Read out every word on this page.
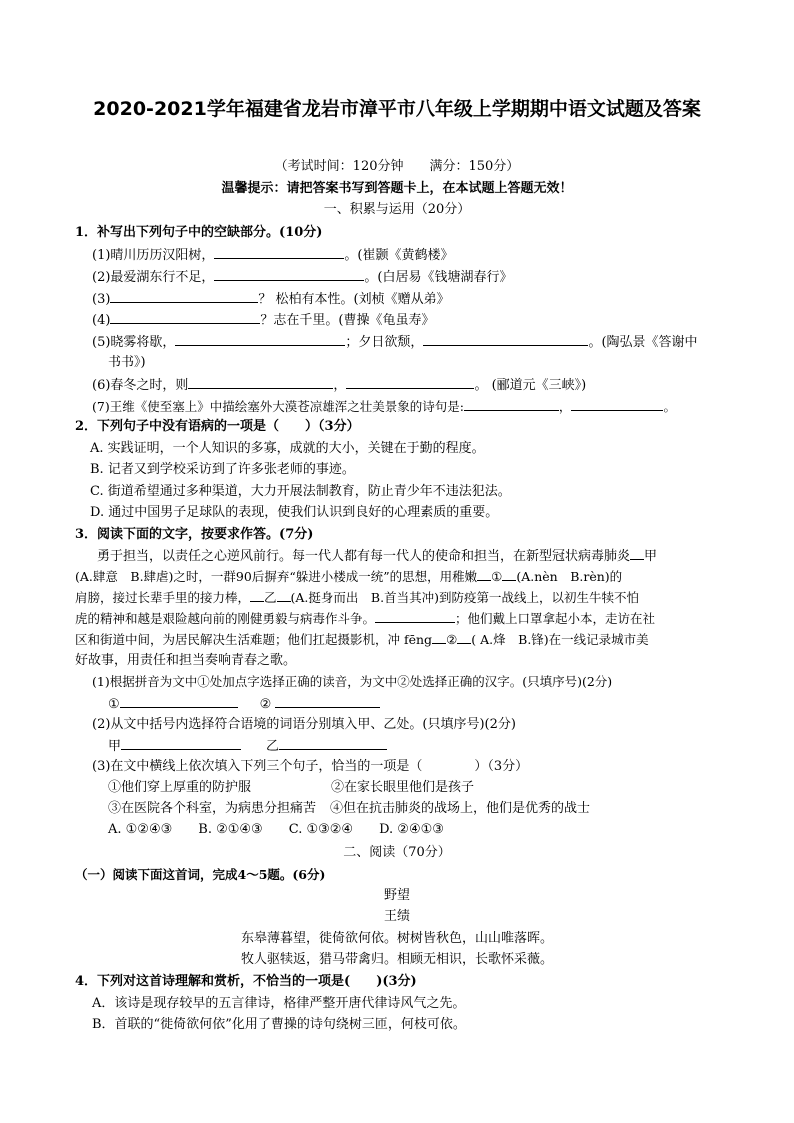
2020-2021学年福建省龙岩市漳平市八年级上学期期中语文试题及答案
（考试时间：120分钟　　满分：150分）
温馨提示：请把答案书写到答题卡上，在本试题上答题无效！
一、积累与运用（20分）
1．补写出下列句子中的空缺部分。(10分)
(1)晴川历历汉阳树，	。(崔颢《黄鹤楼》
(2)最爱湖东行不足，	。(白居易《钱塘湖春行》
(3)	？ 松柏有本性。(刘桢《赠从弟》
(4)	？志在千里。(曹操《龟虽寿》
(5)晓雾将歇，	；夕日欲颓，	。(陶弘景《答谢中
书书》)
(6)春冬之时，则	，	。 (郦道元《三峡》)
(7)王维《使至塞上》中描绘塞外大漠苍凉雄浑之壮美景象的诗句是:	，	。
2．下列句子中没有语病的一项是（　　）（3分）
A. 实践证明，一个人知识的多寡，成就的大小，关键在于勤的程度。
B. 记者又到学校采访到了许多张老师的事迹。
C. 街道希望通过多种渠道，大力开展法制教育，防止青少年不违法犯法。
D. 通过中国男子足球队的表现，使我们认识到良好的心理素质的重要。
3．阅读下面的文字，按要求作答。(7分)
勇于担当，以责任之心逆风前行。每一代人都有每一代人的使命和担当，在新型冠状病毒肺炎 甲
(A.肆意　B.肆虐)之时，一群90后摒弃“躲进小楼成一统”的思想，用稚嫩 ① (A.nèn　B.rèn)的
肩膀，接过长辈手里的接力棒， 乙 (A.挺身而出　B.首当其冲)到防疫第一战线上，以初生牛犊不怕
虎的精神和越是艰险越向前的刚健勇毅与病毒作斗争。	；他们戴上口罩拿起小本，走访在社
区和街道中间，为居民解决生活难题；他们扛起摄影机，冲 fēng ② ( A.烽　B.锋)在一线记录城市美
好故事，用责任和担当奏响青春之歌。
(1)根据拼音为文中①处加点字选择正确的读音，为文中②处选择正确的汉字。(只填序号)(2分)
①	②
(2)从文中括号内选择符合语境的词语分别填入甲、乙处。(只填序号)(2分)
甲	乙
(3)在文中横线上依次填入下列三个句子，恰当的一项是（　　　　）（3分）
①他们穿上厚重的防护服	②在家长眼里他们是孩子
③在医院各个科室，为病患分担痛苦 ④但在抗击肺炎的战场上，他们是优秀的战士
A. ①②④③　　B. ②①④③　　C. ①③②④　　D. ②④①③
二、阅读（70分）
（一）阅读下面这首词，完成4～5题。(6分)
野望
王绩
东皋薄暮望，徙倚欲何依。树树皆秋色，山山唯落晖。
牧人驱犊返，猎马带禽归。相顾无相识，长歌怀采薇。
4．下列对这首诗理解和赏析，不恰当的一项是(　　)(3分)
A．该诗是现存较早的五言律诗，格律严整开唐代律诗风气之先。
B．首联的“徙倚欲何依”化用了曹操的诗句绕树三匝，何枝可依。
